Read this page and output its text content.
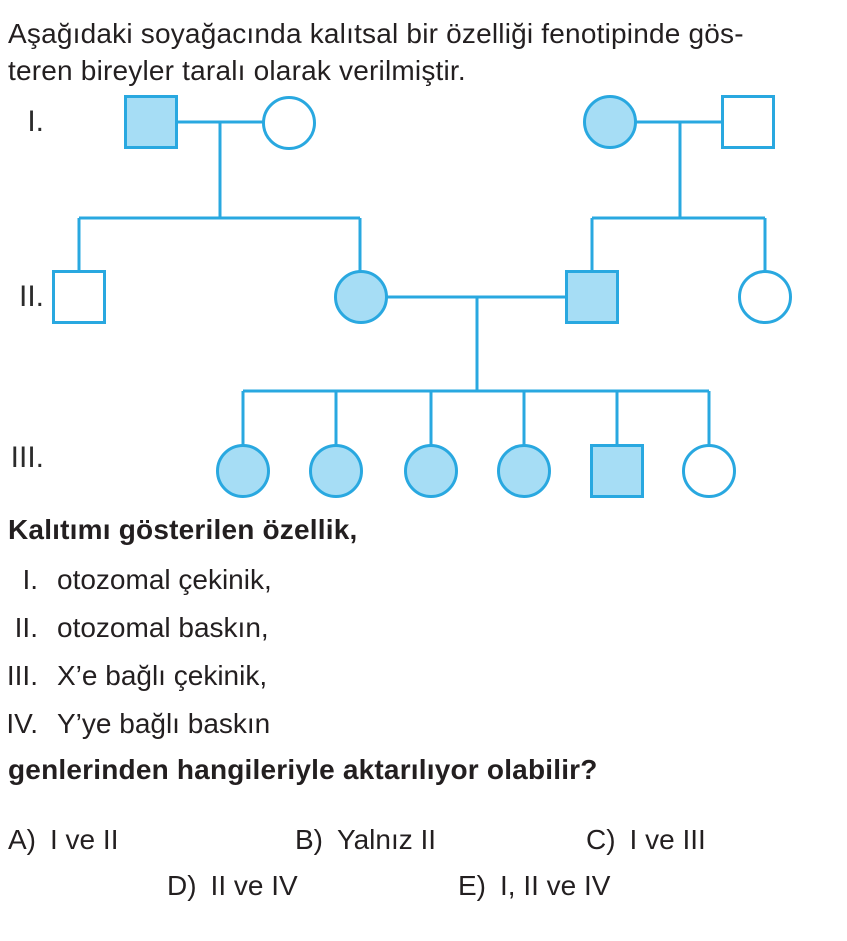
Aşağıdaki soyağacında kalıtsal bir özelliği fenotipinde gös-
teren bireyler taralı olarak verilmiştir.
I.
II.
III.
Kalıtımı gösterilen özellik,
I. otozomal çekinik,
II. otozomal baskın,
III. X’e bağlı çekinik,
IV. Y’ye bağlı baskın
genlerinden hangileriyle aktarılıyor olabilir?
A) I ve II	B) Yalnız II	C) I ve III
D) II ve IV	E) I, II ve IV
